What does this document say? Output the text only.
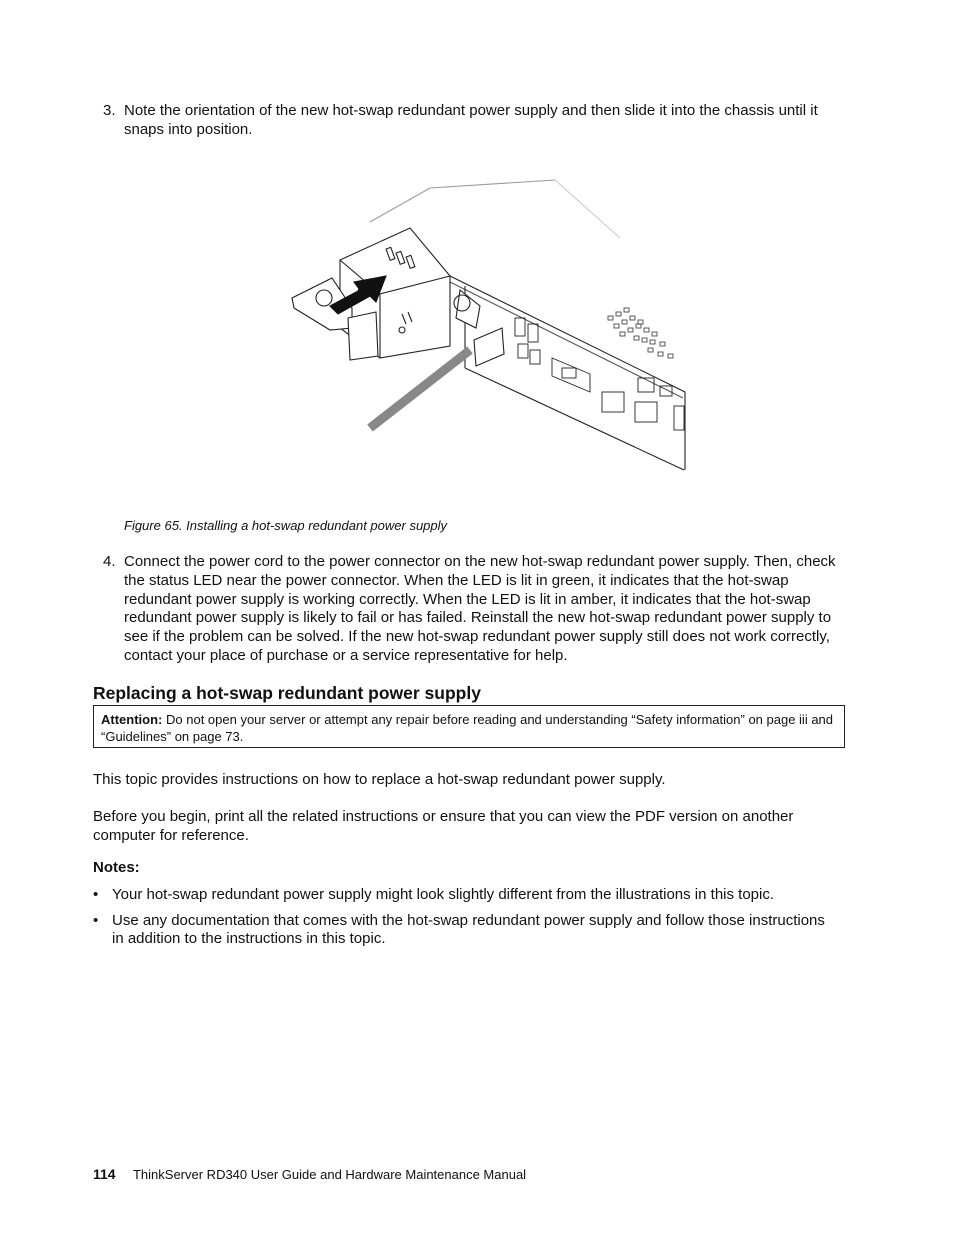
3. Note the orientation of the new hot-swap redundant power supply and then slide it into the chassis until it snaps into position.
Figure 65. Installing a hot-swap redundant power supply
4. Connect the power cord to the power connector on the new hot-swap redundant power supply. Then, check the status LED near the power connector. When the LED is lit in green, it indicates that the hot-swap redundant power supply is working correctly. When the LED is lit in amber, it indicates that the hot-swap redundant power supply is likely to fail or has failed. Reinstall the new hot-swap redundant power supply to see if the problem can be solved. If the new hot-swap redundant power supply still does not work correctly, contact your place of purchase or a service representative for help.
Replacing a hot-swap redundant power supply
Attention: Do not open your server or attempt any repair before reading and understanding “Safety information” on page iii and “Guidelines” on page 73.
This topic provides instructions on how to replace a hot-swap redundant power supply.
Before you begin, print all the related instructions or ensure that you can view the PDF version on another computer for reference.
Notes:
• Your hot-swap redundant power supply might look slightly different from the illustrations in this topic.
• Use any documentation that comes with the hot-swap redundant power supply and follow those instructions in addition to the instructions in this topic.
114 ThinkServer RD340 User Guide and Hardware Maintenance Manual
